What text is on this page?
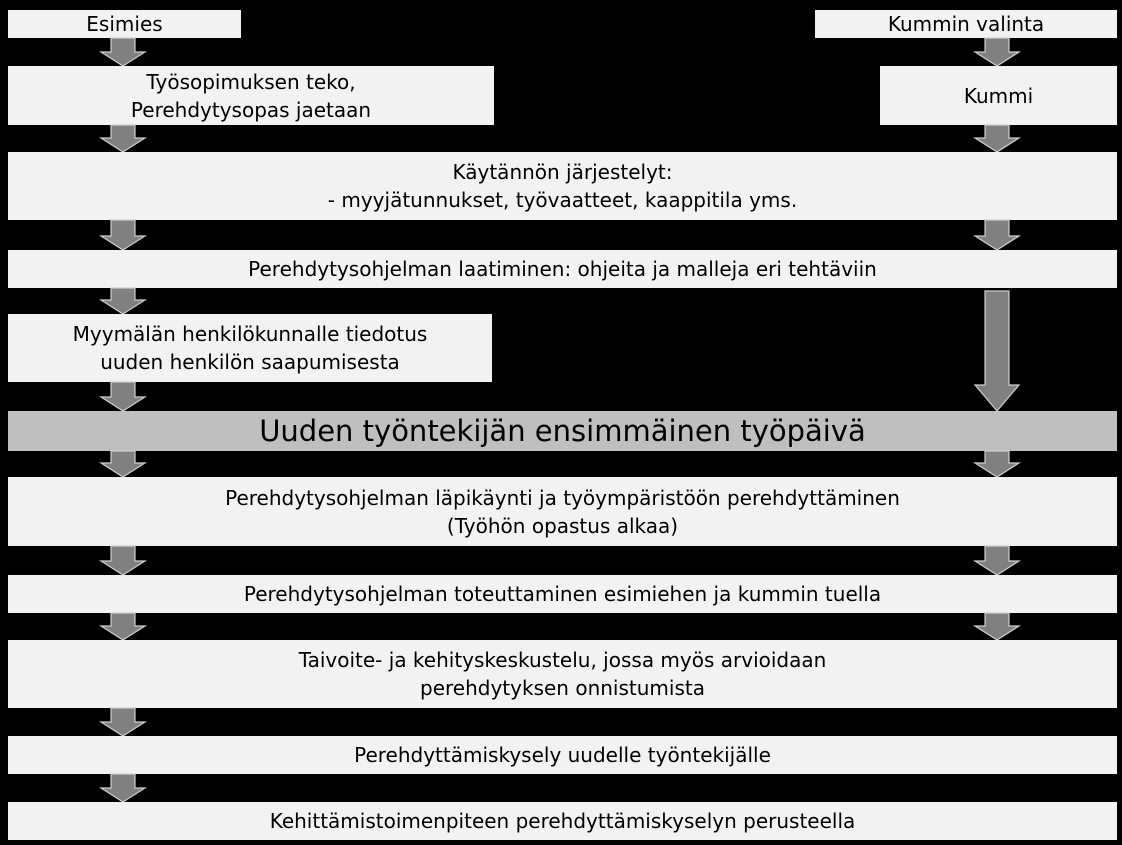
Esimies	Kummin valinta
Työsopimuksen teko,
Perehdytysopas jaetaan
Kummi
Käytännön järjestelyt:
- myyjätunnukset, työvaatteet, kaappitila yms.
Perehdytysohjelman laatiminen: ohjeita ja malleja eri tehtäviin
Myymälän henkilökunnalle tiedotus
uuden henkilön saapumisesta
Uuden työntekijän ensimmäinen työpäivä
Perehdytysohjelman läpikäynti ja työympäristöön perehdyttäminen
(Työhön opastus alkaa)
Perehdytysohjelman toteuttaminen esimiehen ja kummin tuella
Taivoite- ja kehityskeskustelu, jossa myös arvioidaan
perehdytyksen onnistumista
Perehdyttämiskysely uudelle työntekijälle
Kehittämistoimenpiteen perehdyttämiskyselyn perusteella
